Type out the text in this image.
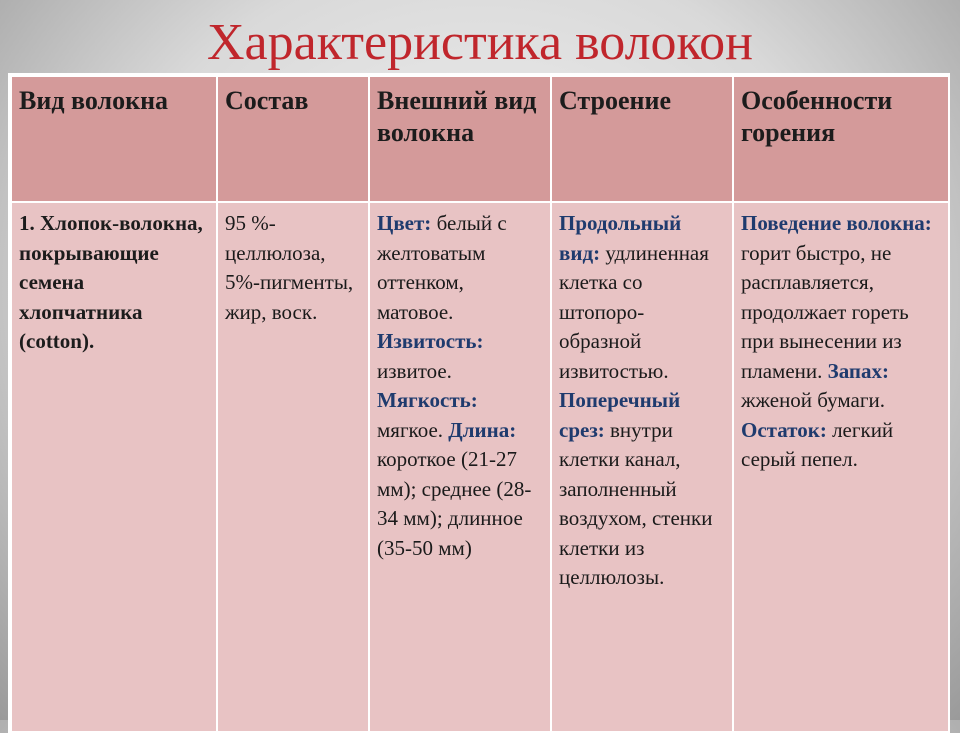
Характеристика волокон
Вид волокна	Состав	Внешний вид волокна	Строение	Особенности горения
1. Хлопок-волокна, покрывающие семена хлопчатника (cotton).	95 %-целлюлоза, 5%-пигменты, жир, воск.	Цвет: белый с желтоватым оттенком, матовое. Извитость: извитое. Мягкость: мягкое. Длина: короткое (21-27 мм); среднее (28-34 мм); длинное (35-50 мм)	Продольный вид: удлиненная клетка со штопоро-образной извитостью. Поперечный срез: внутри клетки канал, заполненный воздухом, стенки клетки из целлюлозы.	Поведение волокна: горит быстро, не расплавляется, продолжает гореть при вынесении из пламени. Запах: жженой бумаги. Остаток: легкий серый пепел.
